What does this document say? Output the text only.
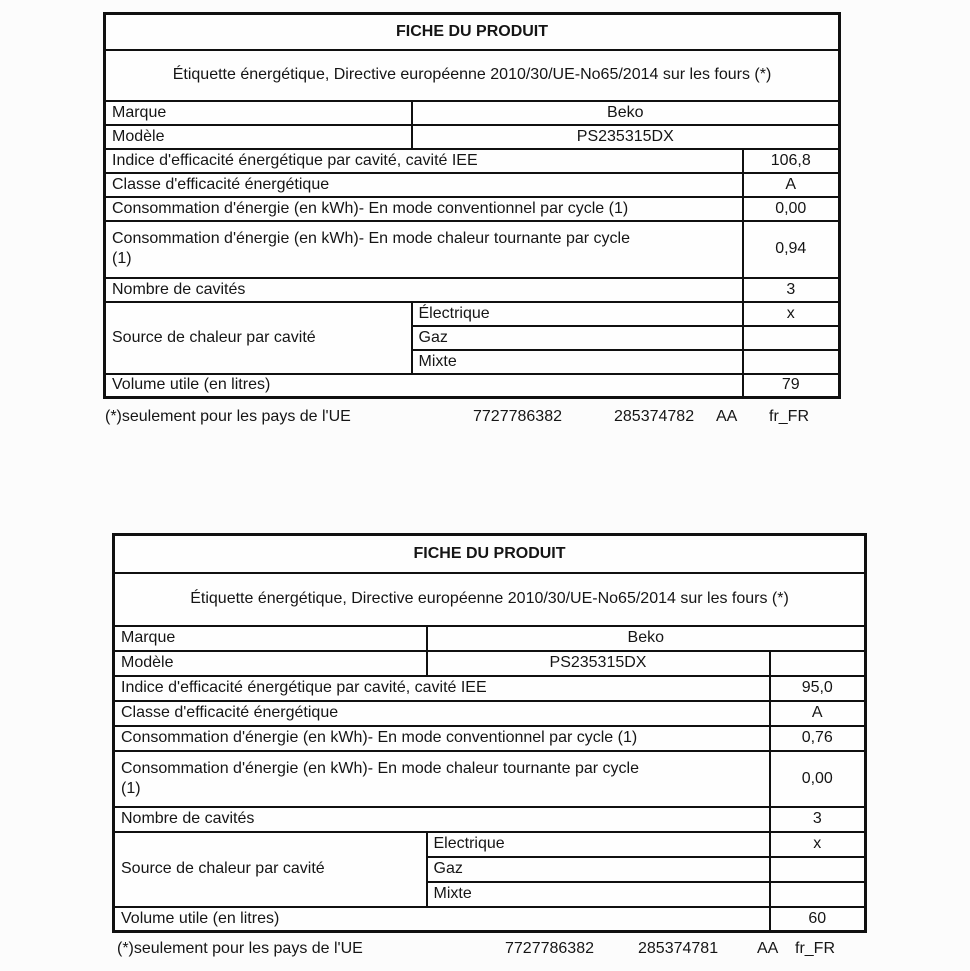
FICHE DU PRODUIT		
Étiquette énergétique, Directive européenne 2010/30/UE-No65/2014 sur les fours (*)		
Marque	Beko	
Modèle	PS235315DX	
Indice d'efficacité énergétique par cavité, cavité IEE		106,8
Classe d'efficacité énergétique		A
Consommation d'énergie (en kWh)- En mode conventionnel par cycle (1)		0,00

Consommation d'énergie (en kWh)- En mode chaleur tournante par cycle
(1)		0,94
Nombre de cavités		3
Source de chaleur par cavité	Électrique	x
	Gaz	
	Mixte	
Volume utile (en litres)		79
(*)seulement pour les pays de l'UE	7727786382	285374782 AA fr_FR
FICHE DU PRODUIT		
Étiquette énergétique, Directive européenne 2010/30/UE-No65/2014 sur les fours (*)		
Marque	Beko	
Modèle	PS235315DX	
Indice d'efficacité énergétique par cavité, cavité IEE		95,0
Classe d'efficacité énergétique		A
Consommation d'énergie (en kWh)- En mode conventionnel par cycle (1)		0,76

Consommation d'énergie (en kWh)- En mode chaleur tournante par cycle
(1)		0,00
Nombre de cavités		3
Source de chaleur par cavité	Electrique	x
	Gaz	
	Mixte	
Volume utile (en litres)		60
(*)seulement pour les pays de l'UE	7727786382	285374781 AA fr_FR
